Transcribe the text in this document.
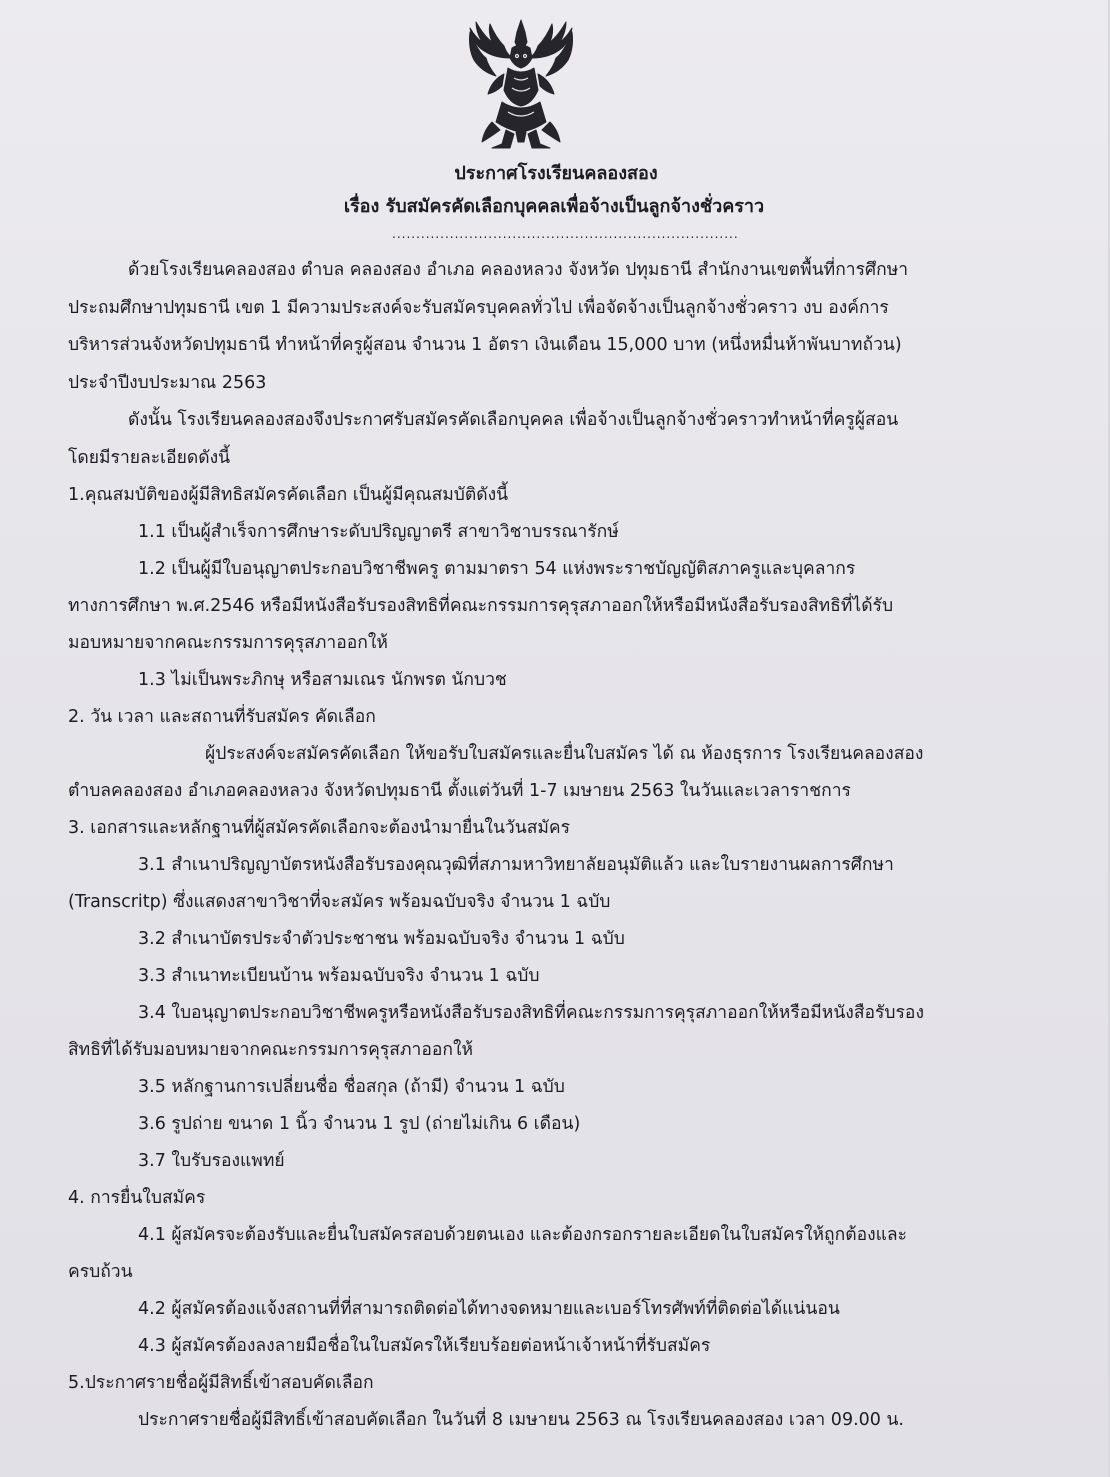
ประกาศโรงเรียนคลองสอง
เรื่อง รับสมัครคัดเลือกบุคคลเพื่อจ้างเป็นลูกจ้างชั่วคราว
........................................................................
ด้วยโรงเรียนคลองสอง ตำบล คลองสอง อำเภอ คลองหลวง จังหวัด ปทุมธานี สำนักงานเขตพื้นที่การศึกษา
ประถมศึกษาปทุมธานี เขต 1 มีความประสงค์จะรับสมัครบุคคลทั่วไป เพื่อจัดจ้างเป็นลูกจ้างชั่วคราว งบ องค์การ
บริหารส่วนจังหวัดปทุมธานี ทำหน้าที่ครูผู้สอน จำนวน 1 อัตรา เงินเดือน 15,000 บาท (หนึ่งหมื่นห้าพันบาทถ้วน)
ประจำปีงบประมาณ 2563
ดังนั้น โรงเรียนคลองสองจึงประกาศรับสมัครคัดเลือกบุคคล เพื่อจ้างเป็นลูกจ้างชั่วคราวทำหน้าที่ครูผู้สอน
โดยมีรายละเอียดดังนี้
1.คุณสมบัติของผู้มีสิทธิสมัครคัดเลือก เป็นผู้มีคุณสมบัติดังนี้
1.1 เป็นผู้สำเร็จการศึกษาระดับปริญญาตรี สาขาวิชาบรรณารักษ์
1.2 เป็นผู้มีใบอนุญาตประกอบวิชาชีพครู ตามมาตรา 54 แห่งพระราชบัญญัติสภาครูและบุคลากร
ทางการศึกษา พ.ศ.2546 หรือมีหนังสือรับรองสิทธิที่คณะกรรมการคุรุสภาออกให้หรือมีหนังสือรับรองสิทธิที่ได้รับ
มอบหมายจากคณะกรรมการคุรุสภาออกให้
1.3 ไม่เป็นพระภิกษุ หรือสามเณร นักพรต นักบวช
2. วัน เวลา และสถานที่รับสมัคร คัดเลือก
ผู้ประสงค์จะสมัครคัดเลือก ให้ขอรับใบสมัครและยื่นใบสมัคร ได้ ณ ห้องธุรการ โรงเรียนคลองสอง
ตำบลคลองสอง อำเภอคลองหลวง จังหวัดปทุมธานี ตั้งแต่วันที่ 1-7 เมษายน 2563 ในวันและเวลาราชการ
3. เอกสารและหลักฐานที่ผู้สมัครคัดเลือกจะต้องนำมายื่นในวันสมัคร
3.1 สำเนาปริญญาบัตรหนังสือรับรองคุณวุฒิที่สภามหาวิทยาลัยอนุมัติแล้ว และใบรายงานผลการศึกษา
(Transcritp) ซึ่งแสดงสาขาวิชาที่จะสมัคร พร้อมฉบับจริง จำนวน 1 ฉบับ
3.2 สำเนาบัตรประจำตัวประชาชน พร้อมฉบับจริง จำนวน 1 ฉบับ
3.3 สำเนาทะเบียนบ้าน พร้อมฉบับจริง จำนวน 1 ฉบับ
3.4 ใบอนุญาตประกอบวิชาชีพครูหรือหนังสือรับรองสิทธิที่คณะกรรมการคุรุสภาออกให้หรือมีหนังสือรับรอง
สิทธิที่ได้รับมอบหมายจากคณะกรรมการคุรุสภาออกให้
3.5 หลักฐานการเปลี่ยนชื่อ ชื่อสกุล (ถ้ามี) จำนวน 1 ฉบับ
3.6 รูปถ่าย ขนาด 1 นิ้ว จำนวน 1 รูป (ถ่ายไม่เกิน 6 เดือน)
3.7 ใบรับรองแพทย์
4. การยื่นใบสมัคร
4.1 ผู้สมัครจะต้องรับและยื่นใบสมัครสอบด้วยตนเอง และต้องกรอกรายละเอียดในใบสมัครให้ถูกต้องและ
ครบถ้วน
4.2 ผู้สมัครต้องแจ้งสถานที่ที่สามารถติดต่อได้ทางจดหมายและเบอร์โทรศัพท์ที่ติดต่อได้แน่นอน
4.3 ผู้สมัครต้องลงลายมือชื่อในใบสมัครให้เรียบร้อยต่อหน้าเจ้าหน้าที่รับสมัคร
5.ประกาศรายชื่อผู้มีสิทธิ์เข้าสอบคัดเลือก
ประกาศรายชื่อผู้มีสิทธิ์เข้าสอบคัดเลือก ในวันที่ 8 เมษายน 2563 ณ โรงเรียนคลองสอง เวลา 09.00 น.
